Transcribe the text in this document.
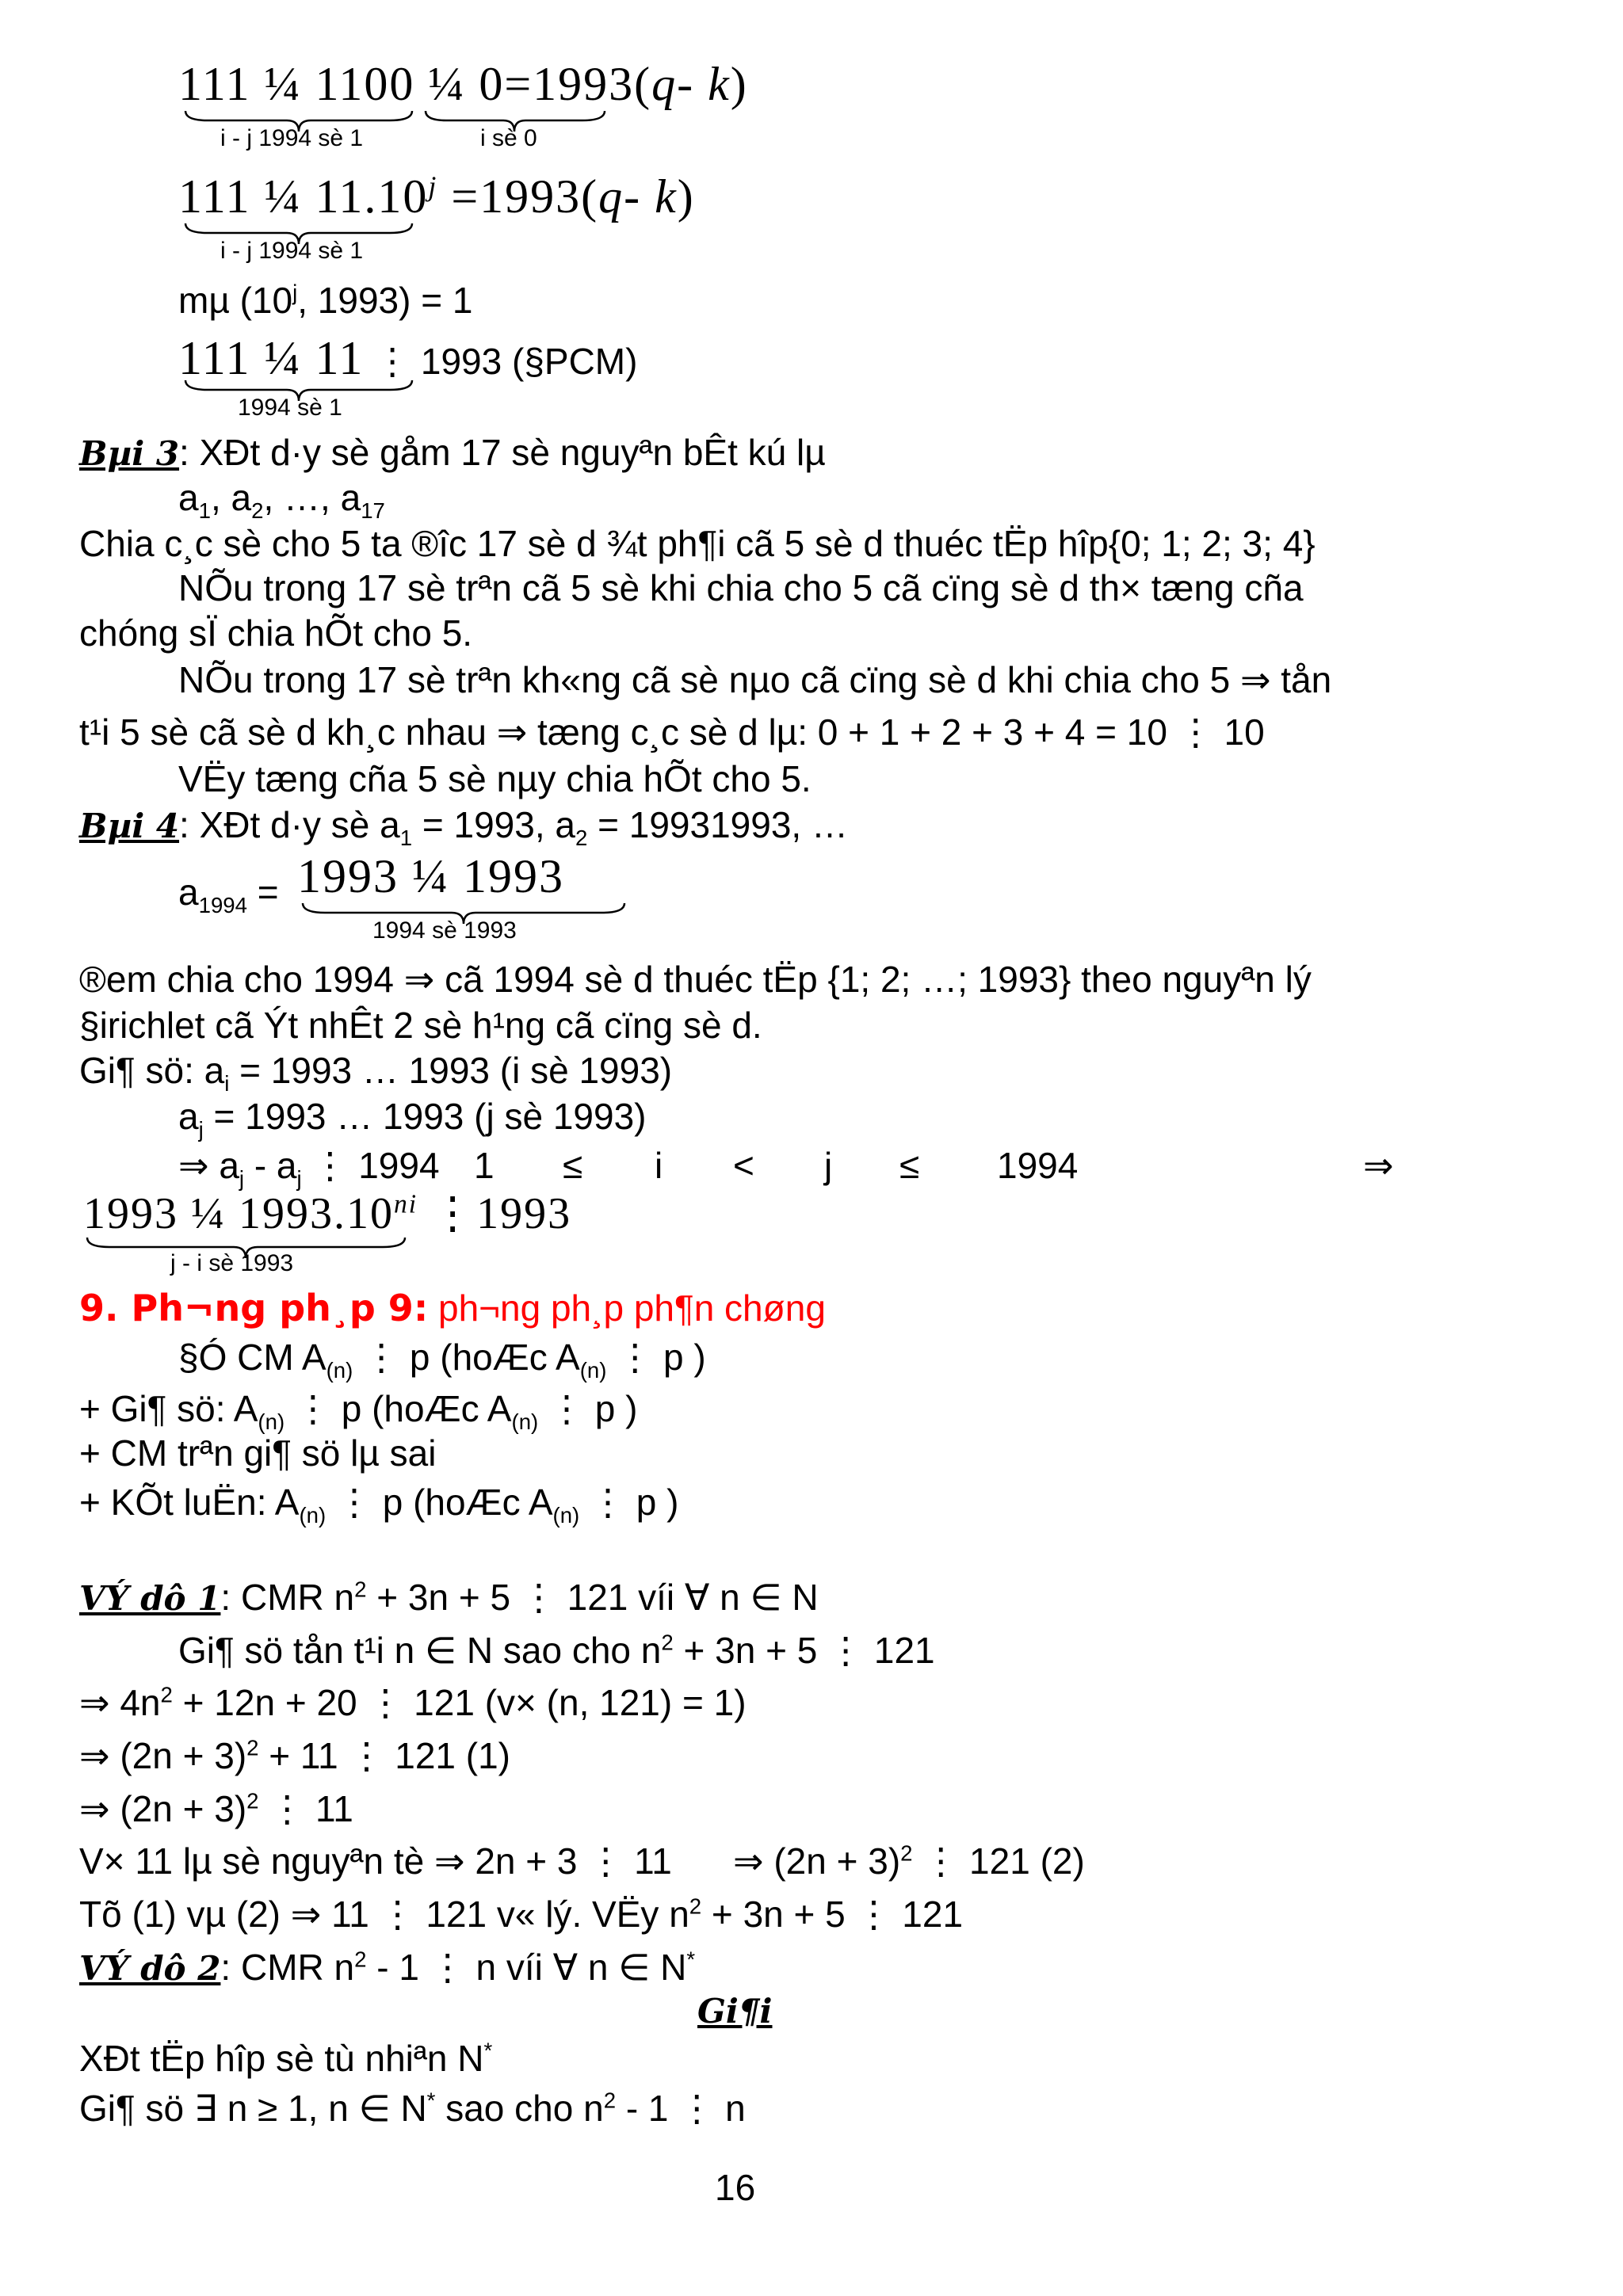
111 ¼ 1100 ¼ 0=1993(q- k)
i - j 1994 sè 1	i sè 0
111 ¼ $11.10^j =1993(q-$ k)
i - j 1994 sè 1
mµ (10$^j$, 1993) = 1
111 ¼ 11 ⋮ 1993 (§PCM)
1994 sè 1
Bµi 3: XÐt d·y sè gåm 17 sè nguyªn bÊt kú lµ
$a_1$, $a_2$, …, $a_{17}$
Chia c¸c sè cho 5 ta ®îc 17 sè d ¾t ph¶i cã 5 sè d thuéc tËp hîp{0; 1; 2; 3; 4}
NÕu trong 17 sè trªn cã 5 sè khi chia cho 5 cã cïng sè d th× tæng cña
chóng sÏ chia hÕt cho 5.
NÕu trong 17 sè trªn kh«ng cã sè nµo cã cïng sè d khi chia cho 5 ⇒ tån
t¹i 5 sè cã sè d kh¸c nhau ⇒ tæng c¸c sè d lµ: 0 + 1 + 2 + 3 + 4 = 10 ⋮ 10
VËy tæng cña 5 sè nµy chia hÕt cho 5.
Bµi 4: XÐt d·y sè $a_1 = 1993$, $a_2 = 19931993$, …
$a_{1994} = 1993$ ¼ 1993
1994 sè 1993
®em chia cho 1994 ⇒ cã 1994 sè d thuéc tËp {1; 2; …; 1993} theo nguyªn lý
§irichlet cã Ýt nhÊt 2 sè h¹ng cã cïng sè d.
Gi¶ sö: $a_i = 1993$ … 1993 (i sè 1993)
$a_j = 1993$ … 1993 (j sè 1993)
⇒ $a_j - a_j$ ⋮ 1994 1 ≤ i < j ≤ 1994	⇒
1993 ¼ $1993.10^{ni}$ ⋮1993
j - i sè 1993
9. Ph¬ng ph¸p 9: ph¬ng ph¸p ph¶n chøng
§Ó CM $A_{(n)}$ ⋮ p (hoÆc $A_{(n)}$ ⋮ p )
+ Gi¶ sö: $A_{(n)}$ ⋮ p (hoÆc $A_{(n)}$ ⋮ p )
+ CM trªn gi¶ sö lµ sai
+ KÕt luËn: $A_{(n)}$ ⋮ p (hoÆc $A_{(n)}$ ⋮ p )
VÝ dô 1: CMR $n^2 + 3n + 5$ ⋮ 121 víi ∀ n ∈ N
Gi¶ sö tån t¹i n ∈ N sao cho $n^2 + 3n + 5$ ⋮ 121
⇒ $4n^2 + 12n + 20$ ⋮ 121 (v× (n, 121) = 1)
⇒ $(2n + 3)^2 + 11$ ⋮ 121 (1)
⇒ $(2n + 3)^2$ ⋮ 11
V× 11 lµ sè nguyªn tè ⇒ 2n + 3 ⋮ 11 ⇒ $(2n + 3)^2$ ⋮ 121 (2)
Tõ (1) vµ (2) ⇒ 11 ⋮ 121 v« lý. VËy $n^2 + 3n + 5$ ⋮ 121
VÝ dô 2: CMR $n^2 - 1$ ⋮ n víi ∀ n ∈ N*
Gi¶i
XÐt tËp hîp sè tù nhiªn N*
Gi¶ sö ∃ n ≥ 1, n ∈ N* sao cho $n^2 - 1$ ⋮ n
16
